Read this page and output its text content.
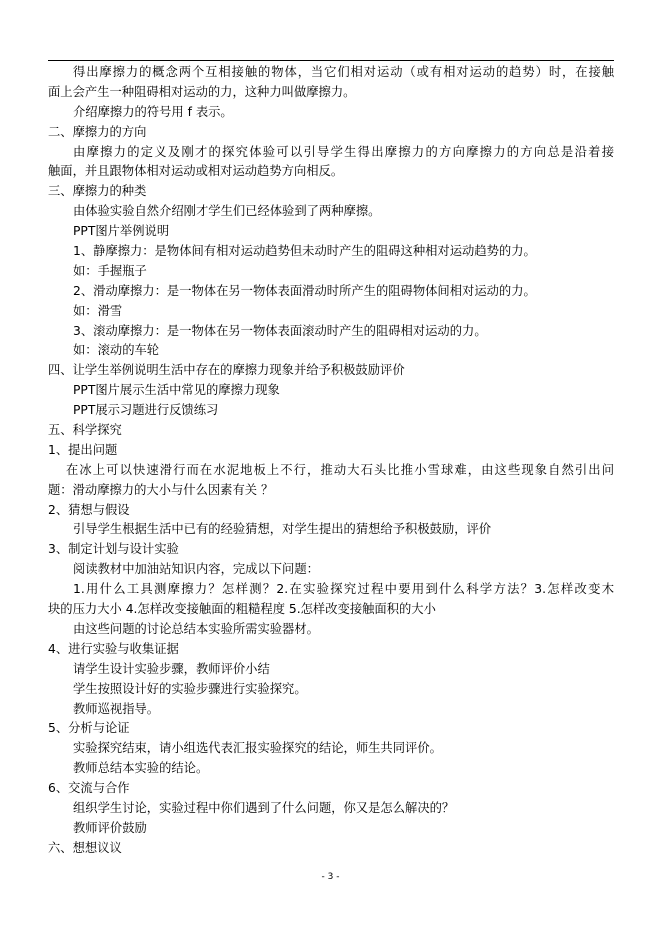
得出摩擦力的概念两个互相接触的物体，当它们相对运动（或有相对运动的趋势）时，在接触
面上会产生一种阻碍相对运动的力，这种力叫做摩擦力。
介绍摩擦力的符号用 f 表示。
二、摩擦力的方向
由摩擦力的定义及刚才的探究体验可以引导学生得出摩擦力的方向摩擦力的方向总是沿着接
触面，并且跟物体相对运动或相对运动趋势方向相反。
三、摩擦力的种类
由体验实验自然介绍刚才学生们已经体验到了两种摩擦。
PPT图片举例说明
1、静摩擦力：是物体间有相对运动趋势但未动时产生的阻碍这种相对运动趋势的力。
如：手握瓶子
2、滑动摩擦力：是一物体在另一物体表面滑动时所产生的阻碍物体间相对运动的力。
如：滑雪
3、滚动摩擦力：是一物体在另一物体表面滚动时产生的阻碍相对运动的力。
如：滚动的车轮
四、让学生举例说明生活中存在的摩擦力现象并给予积极鼓励评价
PPT图片展示生活中常见的摩擦力现象
PPT展示习题进行反馈练习
五、科学探究
1、提出问题
在冰上可以快速滑行而在水泥地板上不行，推动大石头比推小雪球难，由这些现象自然引出问
题：滑动摩擦力的大小与什么因素有关 ？
2、猜想与假设
引导学生根据生活中已有的经验猜想，对学生提出的猜想给予积极鼓励，评价
3、制定计划与设计实验
阅读教材中加油站知识内容，完成以下问题：
1.用什么工具测摩擦力？怎样测？2.在实验探究过程中要用到什么科学方法？3.怎样改变木
块的压力大小 4.怎样改变接触面的粗糙程度 5.怎样改变接触面积的大小
由这些问题的讨论总结本实验所需实验器材。
4、进行实验与收集证据
请学生设计实验步骤，教师评价小结
学生按照设计好的实验步骤进行实验探究。
教师巡视指导。
5、分析与论证
实验探究结束，请小组选代表汇报实验探究的结论，师生共同评价。
教师总结本实验的结论。
6、交流与合作
组织学生讨论，实验过程中你们遇到了什么问题，你又是怎么解决的？
教师评价鼓励
六、想想议议
- 3 -
